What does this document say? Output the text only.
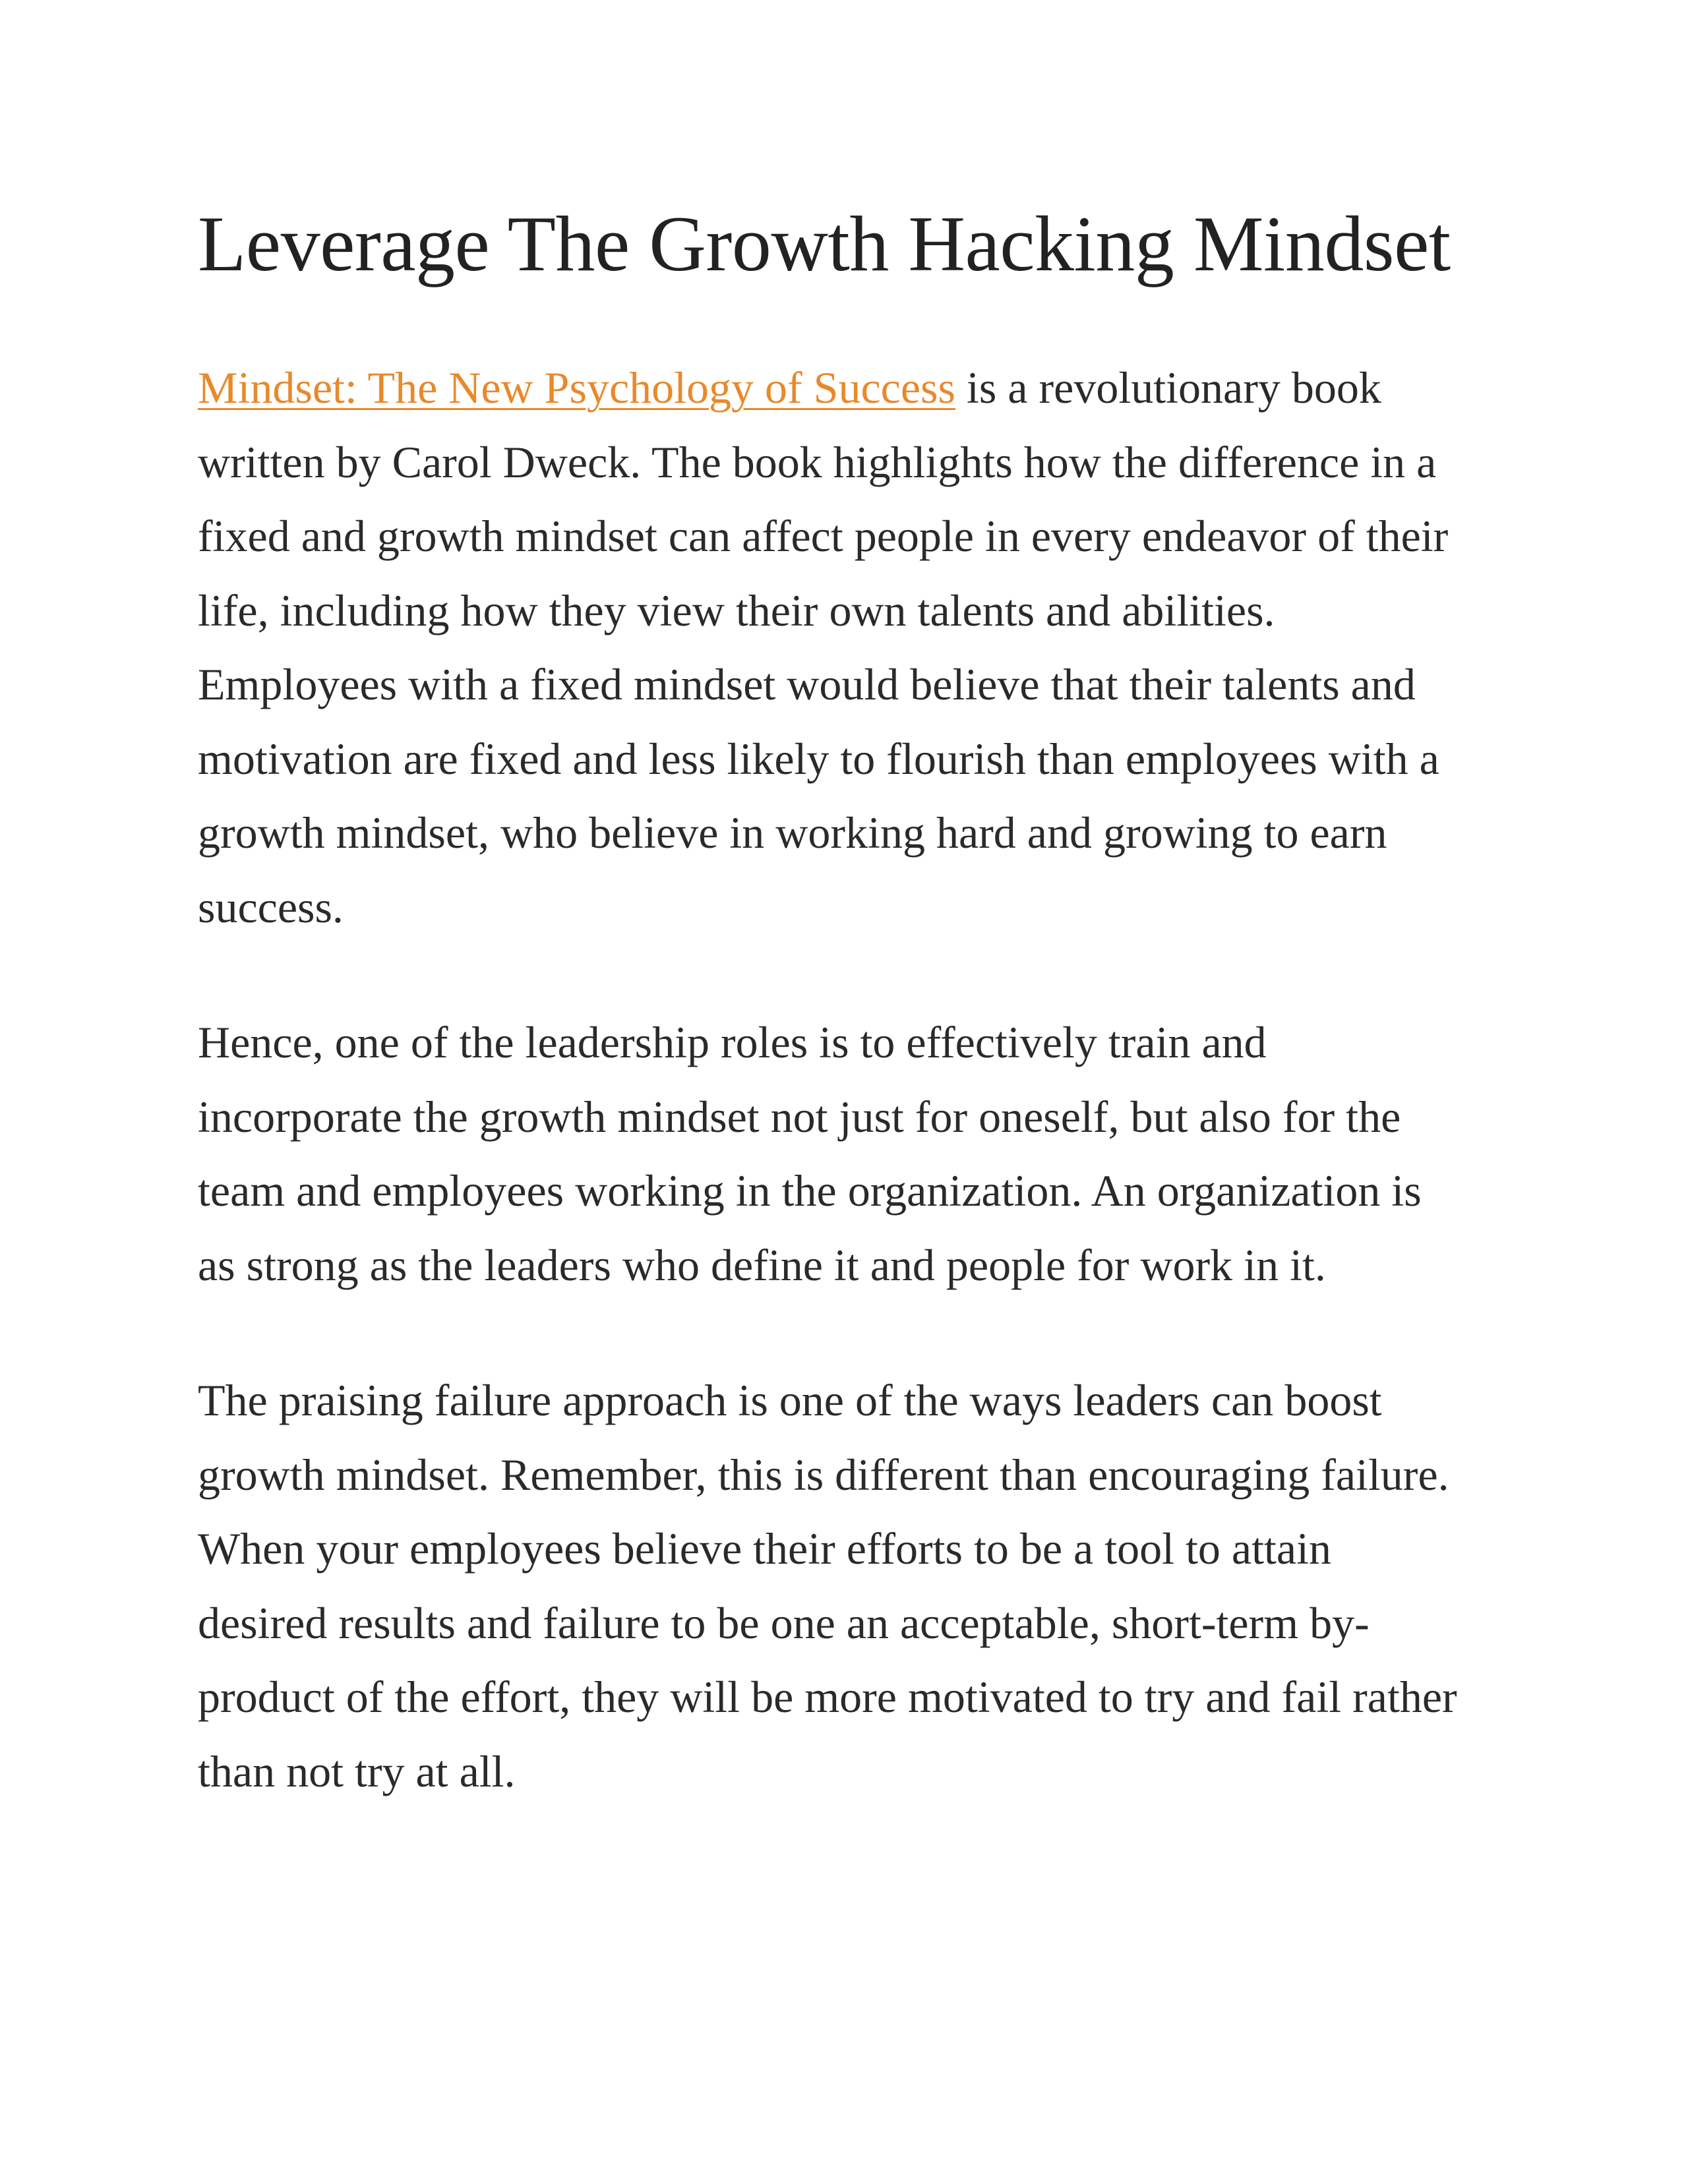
Leverage The Growth Hacking Mindset

Mindset: The New Psychology of Success is a revolutionary book
written by Carol Dweck. The book highlights how the difference in a
fixed and growth mindset can affect people in every endeavor of their
life, including how they view their own talents and abilities.
Employees with a fixed mindset would believe that their talents and
motivation are fixed and less likely to flourish than employees with a
growth mindset, who believe in working hard and growing to earn
success.

Hence, one of the leadership roles is to effectively train and
incorporate the growth mindset not just for oneself, but also for the
team and employees working in the organization. An organization is
as strong as the leaders who define it and people for work in it.

The praising failure approach is one of the ways leaders can boost
growth mindset. Remember, this is different than encouraging failure.
When your employees believe their efforts to be a tool to attain
desired results and failure to be one an acceptable, short-term by-
product of the effort, they will be more motivated to try and fail rather
than not try at all.
